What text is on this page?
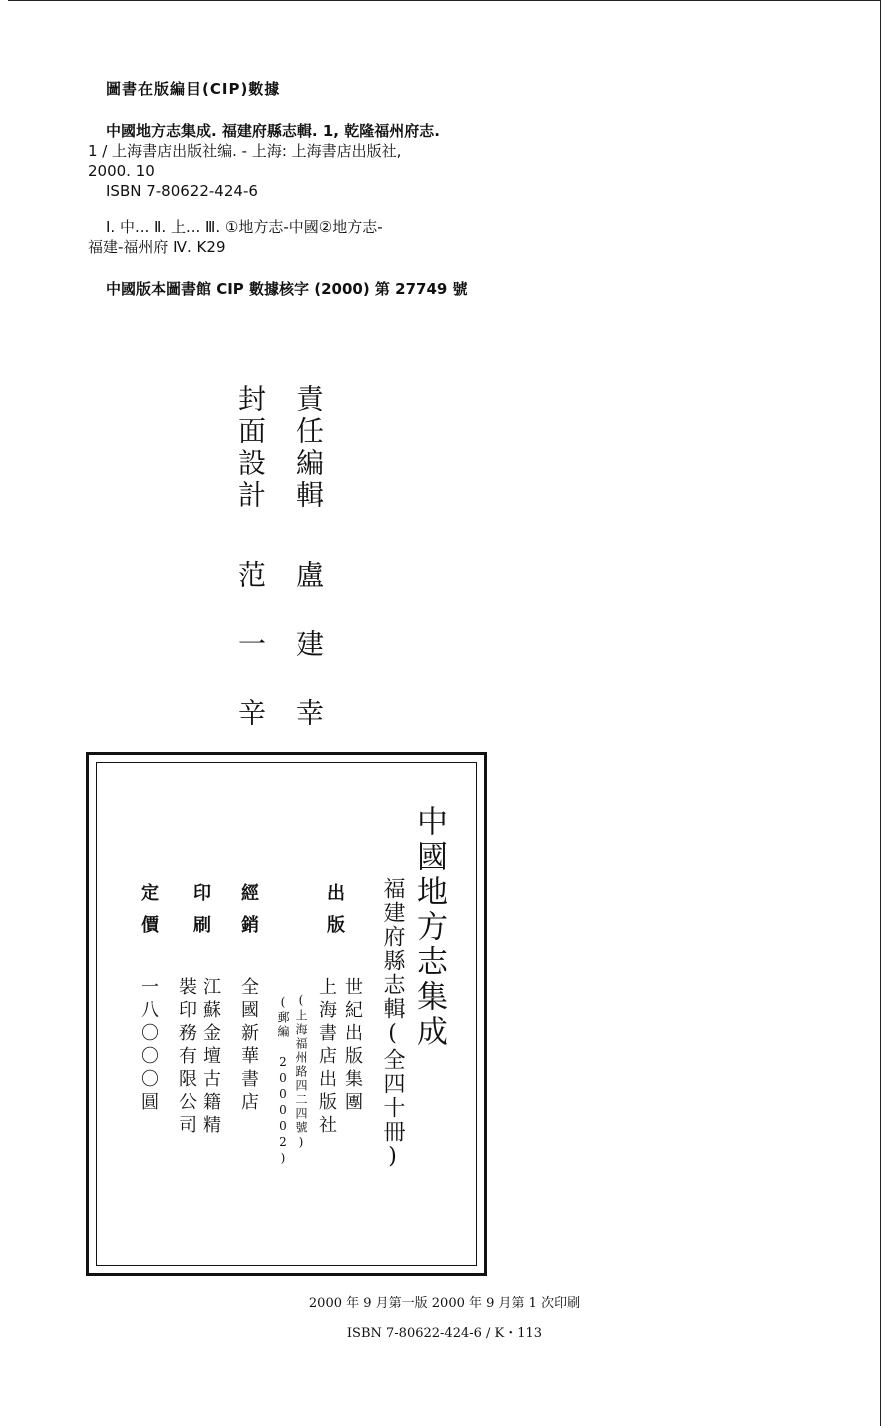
圖書在版編目(CIP)數據
中國地方志集成. 福建府縣志輯. 1, 乾隆福州府志.
1 / 上海書店出版社编. - 上海: 上海書店出版社,
2000. 10
ISBN 7-80622-424-6
Ⅰ. 中... Ⅱ. 上... Ⅲ. ①地方志-中國②地方志-
福建-福州府 Ⅳ. K29
中國版本圖書館 CIP 數據核字 (2000) 第 27749 號
責任編輯
封面設計
盧 建 幸
范 一 辛
中國地方志集成
福建府縣志輯(全四十冊)
出版
世紀出版集團
上海書店出版社
(上海福州路四二四號)
(郵編 200002)
經銷
全國新華書店
印刷
江蘇金壇古籍精
裝印務有限公司
定價
一八〇〇〇圓
2000 年 9 月第一版 2000 年 9 月第 1 次印刷
ISBN 7-80622-424-6 / K・113
